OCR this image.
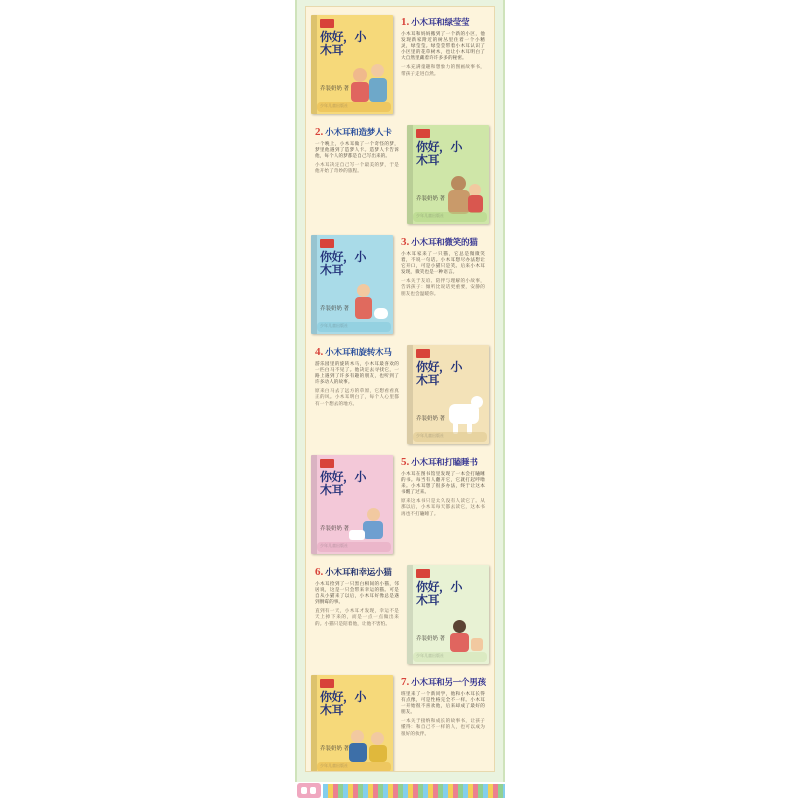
你好，小木耳
乔装奶奶 著
1. 小木耳和绿莹莹

小木耳和妈妈搬到了一个新的小区，他发现新家附近的树丛里住着一个小精灵，绿莹莹。绿莹莹带着小木耳认识了小区里的花草树木，也让小木耳明白了大自然里藏着许许多多的秘密。

一本充满童趣和想象力的图画故事书，带孩子走进自然。

你好，小木耳
乔装奶奶 著
2. 小木耳和造梦人卡

一个晚上，小木耳做了一个奇怪的梦，梦里他遇到了造梦人卡。造梦人卡告诉他，每个人的梦都是自己写出来的。

小木耳决定自己写一个最美的梦，于是他开始了奇妙的旅程。

你好，小木耳
乔装奶奶 著
3. 小木耳和微笑的猫

小木耳家来了一只猫，它总是微微笑着，不说一句话。小木耳想尽办法想让它开口，可是小猫只是笑。后来小木耳发现，微笑也是一种语言。

一本关于友谊、陪伴与理解的小故事，告诉孩子：倾听比说话更重要，安静的朋友也会温暖你。

你好，小木耳
乔装奶奶 著
4. 小木耳和旋转木马

游乐园里的旋转木马，小木耳最喜欢的一匹白马不见了。他决定去寻找它，一路上遇到了许多有趣的朋友，也听到了许多动人的故事。

原来白马去了远方的草原，它想看看真正的风。小木耳明白了，每个人心里都有一个想去的地方。

你好，小木耳
乔装奶奶 著
5. 小木耳和打瞌睡书

小木耳在图书馆里发现了一本会打瞌睡的书。每当有人翻开它，它就打起呼噜来。小木耳想了很多办法，终于让这本书醒了过来。

原来这本书只是太久没有人读它了。从那以后，小木耳每天都去读它，这本书再也不打瞌睡了。

你好，小木耳
乔装奶奶 著
6. 小木耳和幸运小猫

小木耳捡到了一只黑白相间的小猫，邻居说，这是一只会带来幸运的猫。可是自从小猫来了以后，小木耳好像总是遇到倒霉的事。

直到有一天，小木耳才发现，幸运不是天上掉下来的，而是一点一点做出来的。小猫只是陪着他，让他不害怕。

你好，小木耳
乔装奶奶 著
7. 小木耳和另一个男孩

班里来了一个新同学，他和小木耳长得有点像，可是性格完全不一样。小木耳一开始很不喜欢他，后来却成了最好的朋友。

一本关于接纳和成长的故事书，让孩子懂得：和自己不一样的人，也可以成为很好的伙伴。
